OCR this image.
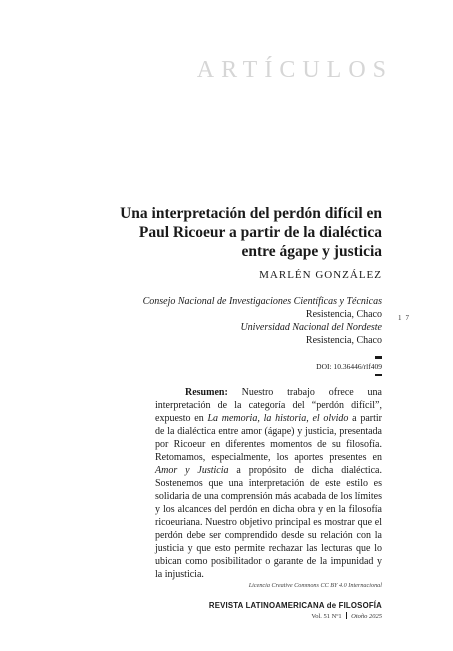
ARTÍCULOS
Una interpretación del perdón difícil en
Paul Ricoeur a partir de la dialéctica
entre ágape y justicia
MARLÉN GONZÁLEZ
Consejo Nacional de Investigaciones Científicas y Técnicas
Resistencia, Chaco
Universidad Nacional del Nordeste
Resistencia, Chaco
17
DOI: 10.36446/rlf409

Resumen: Nuestro trabajo ofrece una interpretación de la categoría del “perdón difícil”, expuesto en La memoria, la historia, el olvido a partir de la dialéctica entre amor (ágape) y justicia, presentada por Ricoeur en diferentes momentos de su filosofía. Retomamos, especialmente, los aportes presentes en Amor y Justicia a propósito de dicha dialéctica. Sostenemos que una interpretación de este estilo es solidaria de una comprensión más acabada de los límites y los alcances del perdón en dicha obra y en la filosofía ricoeuriana. Nuestro objetivo principal es mostrar que el perdón debe ser comprendido desde su relación con la justicia y que esto permite rechazar las lecturas que lo ubican como posibilitador o garante de la impunidad y la injusticia.

Licencia Creative Commons CC BY 4.0 Internacional
REVISTA LATINOAMERICANA de FILOSOFÍA
Vol. 51 Nº1 Otoño 2025
